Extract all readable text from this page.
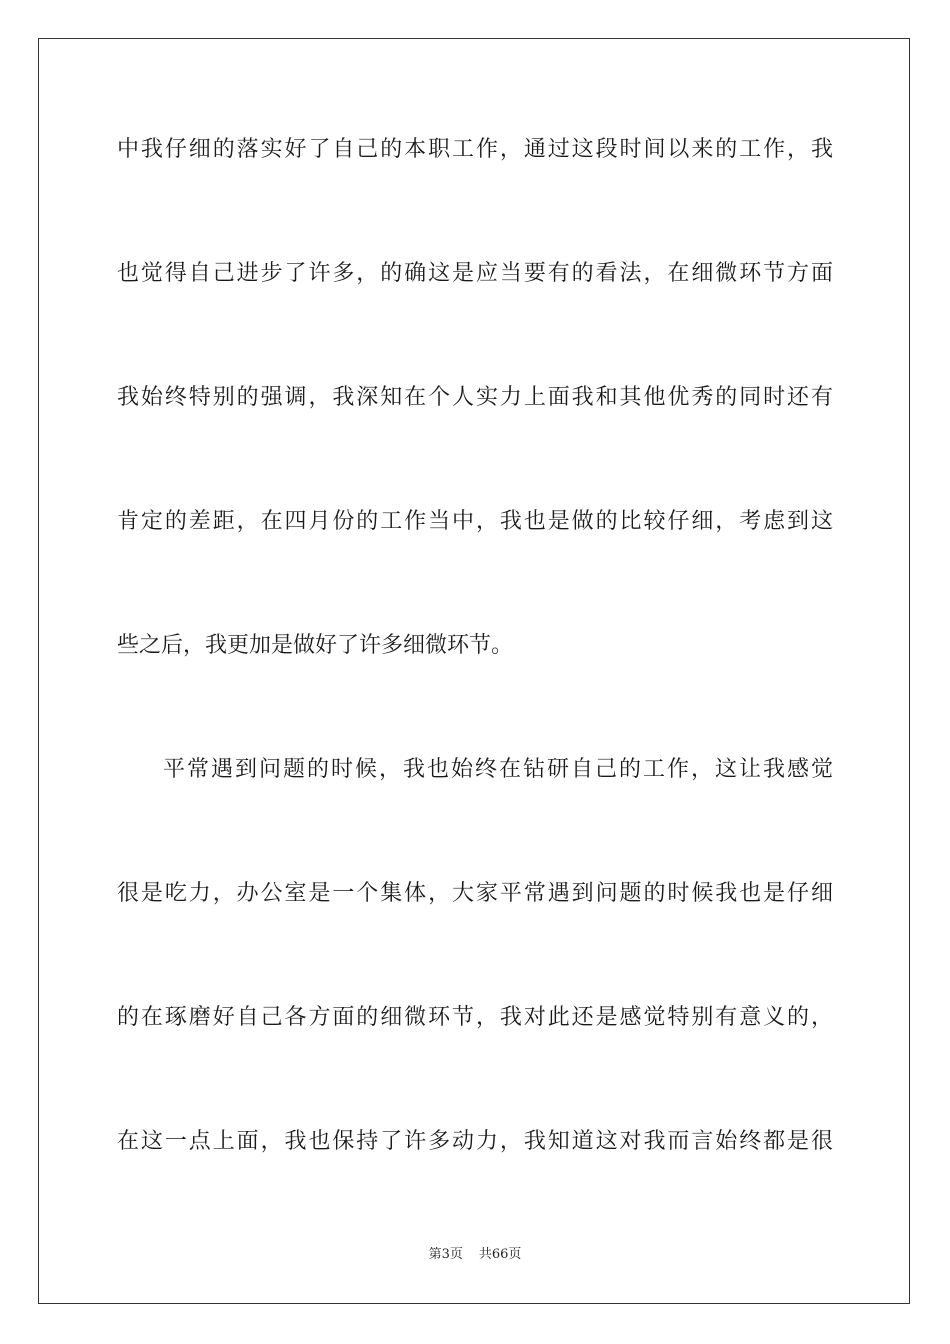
中我仔细的落实好了自己的本职工作，通过这段时间以来的工作，我
也觉得自己进步了许多，的确这是应当要有的看法，在细微环节方面
我始终特别的强调，我深知在个人实力上面我和其他优秀的同时还有
肯定的差距，在四月份的工作当中，我也是做的比较仔细，考虑到这
些之后，我更加是做好了许多细微环节。
平常遇到问题的时候，我也始终在钻研自己的工作，这让我感觉
很是吃力，办公室是一个集体，大家平常遇到问题的时候我也是仔细
的在琢磨好自己各方面的细微环节，我对此还是感觉特别有意义的，
在这一点上面，我也保持了许多动力，我知道这对我而言始终都是很
第3页 共66页
